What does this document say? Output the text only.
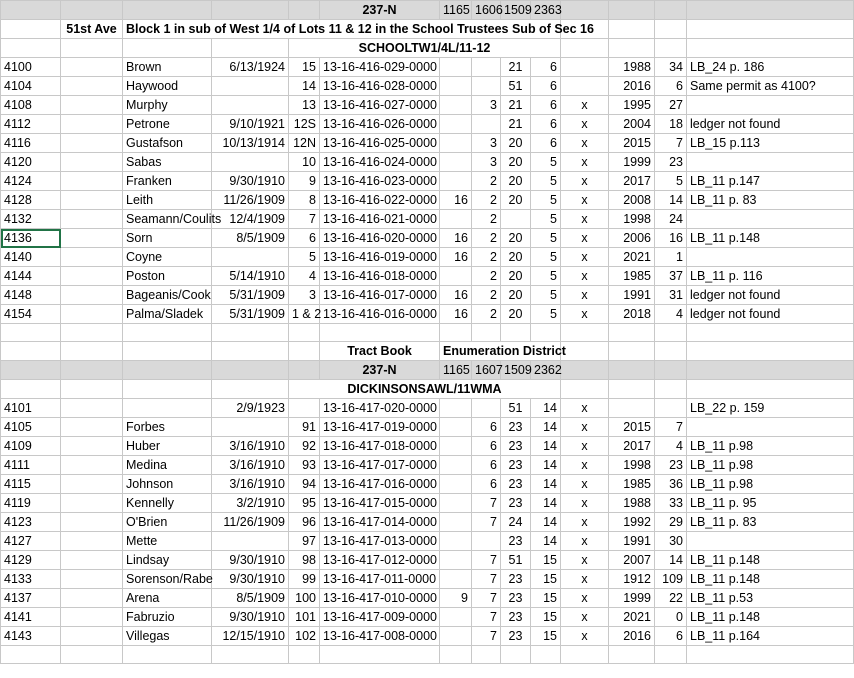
					237-N	1165	1606	1509	2363				
	51st Ave	Block 1 in sub of West 1/4 of Lots 11 & 12 in the School Trustees Sub of Sec 16											
				SCHOOLTW1/4L/11-12									
4100		Brown	6/13/1924	15	13-16-416-029-0000			21	6		1988	34	LB_24 p. 186
4104		Haywood		14	13-16-416-028-0000			51	6		2016	6	Same permit as 4100?
4108		Murphy		13	13-16-416-027-0000		3	21	6	x	1995	27	
4112		Petrone	9/10/1921	12S	13-16-416-026-0000			21	6	x	2004	18	ledger not found
4116		Gustafson	10/13/1914	12N	13-16-416-025-0000		3	20	6	x	2015	7	LB_15 p.113
4120		Sabas		10	13-16-416-024-0000		3	20	5	x	1999	23	
4124		Franken	9/30/1910	9	13-16-416-023-0000		2	20	5	x	2017	5	LB_11 p.147
4128		Leith	11/26/1909	8	13-16-416-022-0000	16	2	20	5	x	2008	14	LB_11 p. 83
4132		Seamann/Coulits	12/4/1909	7	13-16-416-021-0000		2		5	x	1998	24	
4136		Sorn	8/5/1909	6	13-16-416-020-0000	16	2	20	5	x	2006	16	LB_11 p.148
4140		Coyne		5	13-16-416-019-0000	16	2	20	5	x	2021	1	
4144		Poston	5/14/1910	4	13-16-416-018-0000		2	20	5	x	1985	37	LB_11 p. 116
4148		Bageanis/Cook	5/31/1909	3	13-16-416-017-0000	16	2	20	5	x	1991	31	ledger not found
4154		Palma/Sladek	5/31/1909	1 & 2	13-16-416-016-0000	16	2	20	5	x	2018	4	ledger not found

					Tract Book	Enumeration District							
					237-N	1165	1607	1509	2362				
				DICKINSONSAWL/11WMA									
4101			2/9/1923		13-16-417-020-0000			51	14	x			LB_22 p. 159
4105		Forbes		91	13-16-417-019-0000		6	23	14	x	2015	7	
4109		Huber	3/16/1910	92	13-16-417-018-0000		6	23	14	x	2017	4	LB_11 p.98
4111		Medina	3/16/1910	93	13-16-417-017-0000		6	23	14	x	1998	23	LB_11 p.98
4115		Johnson	3/16/1910	94	13-16-417-016-0000		6	23	14	x	1985	36	LB_11 p.98
4119		Kennelly	3/2/1910	95	13-16-417-015-0000		7	23	14	x	1988	33	LB_11 p. 95
4123		O'Brien	11/26/1909	96	13-16-417-014-0000		7	24	14	x	1992	29	LB_11 p. 83
4127		Mette		97	13-16-417-013-0000			23	14	x	1991	30	
4129		Lindsay	9/30/1910	98	13-16-417-012-0000		7	51	15	x	2007	14	LB_11 p.148
4133		Sorenson/Rabe	9/30/1910	99	13-16-417-011-0000		7	23	15	x	1912	109	LB_11 p.148
4137		Arena	8/5/1909	100	13-16-417-010-0000	9	7	23	15	x	1999	22	LB_11 p.53
4141		Fabruzio	9/30/1910	101	13-16-417-009-0000		7	23	15	x	2021	0	LB_11 p.148
4143		Villegas	12/15/1910	102	13-16-417-008-0000		7	23	15	x	2016	6	LB_11 p.164
